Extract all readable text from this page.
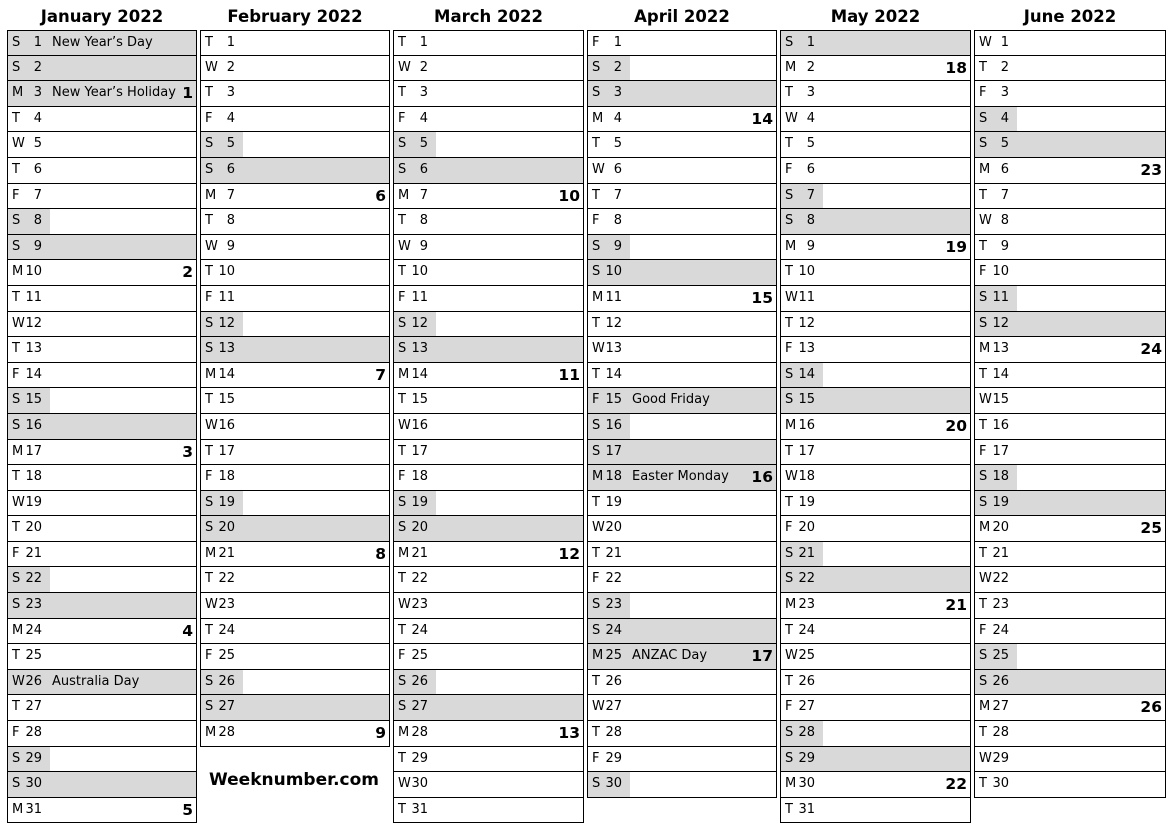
January 2022
S	1 New Year’s Day
S	2
M 3 New Year’s Holiday 1
T	4
W 5
T	6
F	7
S	8
S	9
M 10	2
T 11
W 12
T 13
F 14
S 15
S 16
M 17	3
T 18
W 19
T 20
F 21
S 22
S 23
M 24	4
T 25
W 26 Australia Day
T 27
F 28
S 29
S 30
M 31	5
February 2022
T	1
W 2
T	3
F	4
S	5
S	6
M 7	6
T	8
W 9
T 10
F 11
S 12
S 13
M 14	7
T 15
W 16
T 17
F 18
S 19
S 20
M 21	8
T 22
W 23
T 24
F 25
S 26
S 27
M 28	9
March 2022
T	1
W 2
T	3
F	4
S	5
S	6
M 7	10
T	8
W 9
T 10
F 11
S 12
S 13
M 14	11
T 15
W 16
T 17
F 18
S 19
S 20
M 21	12
T 22
W 23
T 24
F 25
S 26
S 27
M 28	13
T 29
W 30
T 31
April 2022
F	1
S	2
S	3
M 4	14
T	5
W 6
T	7
F	8
S	9
S 10
M 11	15
T 12
W 13
T 14
F 15 Good Friday
S 16
S 17
M 18 Easter Monday 16
T 19
W 20
T 21
F 22
S 23
S 24
M 25 ANZAC Day	17
T 26
W 27
T 28
F 29
S 30
May 2022
S	1
M 2	18
T	3
W 4
T	5
F	6
S	7
S	8
M 9	19
T 10
W 11
T 12
F 13
S 14
S 15
M 16	20
T 17
W 18
T 19
F 20
S 21
S 22
M 23	21
T 24
W 25
T 26
F 27
S 28
S 29
M 30	22
T 31
June 2022
W 1
T	2
F	3
S	4
S	5
M 6	23
T	7
W 8
T	9
F 10
S 11
S 12
M 13	24
T 14
W 15
T 16
F 17
S 18
S 19
M 20	25
T 21
W 22
T 23
F 24
S 25
S 26
M 27	26
T 28
W 29
T 30
Weeknumber.com
